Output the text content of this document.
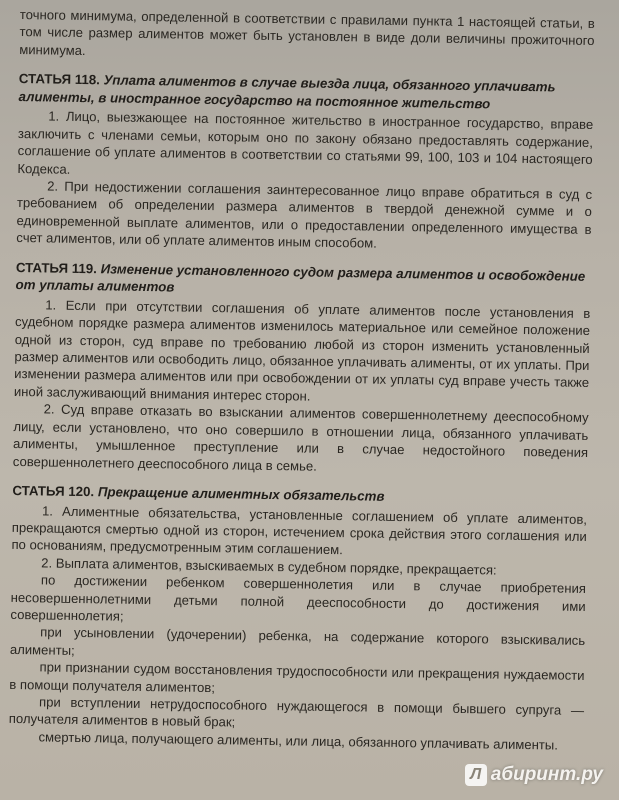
точного минимума, определенной в соответствии с правилами пункта 1 настоящей статьи, в том числе размер алиментов может быть установлен в виде доли величины прожиточного минимума.

СТАТЬЯ 118. Уплата алиментов в случае выезда лица, обязанного уплачивать алименты, в иностранное государство на постоянное жительство

1. Лицо, выезжающее на постоянное жительство в иностранное государство, вправе заключить с членами семьи, которым оно по закону обязано предоставлять содержание, соглашение об уплате алиментов в соответствии со статьями 99, 100, 103 и 104 настоящего Кодекса.

2. При недостижении соглашения заинтересованное лицо вправе обратиться в суд с требованием об определении размера алиментов в твердой денежной сумме и о единовременной выплате алиментов, или о предоставлении определенного имущества в счет алиментов, или об уплате алиментов иным способом.

СТАТЬЯ 119. Изменение установленного судом размера алиментов и освобождение от уплаты алиментов

1. Если при отсутствии соглашения об уплате алиментов после установления в судебном порядке размера алиментов изменилось материальное или семейное положение одной из сторон, суд вправе по требованию любой из сторон изменить установленный размер алиментов или освободить лицо, обязанное уплачивать алименты, от их уплаты. При изменении размера алиментов или при освобождении от их уплаты суд вправе учесть также иной заслуживающий внимания интерес сторон.

2. Суд вправе отказать во взыскании алиментов совершеннолетнему дееспособному лицу, если установлено, что оно совершило в отношении лица, обязанного уплачивать алименты, умышленное преступление или в случае недостойного поведения совершеннолетнего дееспособного лица в семье.

СТАТЬЯ 120. Прекращение алиментных обязательств

1. Алиментные обязательства, установленные соглашением об уплате алиментов, прекращаются смертью одной из сторон, истечением срока действия этого соглашения или по основаниям, предусмотренным этим соглашением.

2. Выплата алиментов, взыскиваемых в судебном порядке, прекращается:

по достижении ребенком совершеннолетия или в случае приобретения несовершеннолетними детьми полной дееспособности до достижения ими совершеннолетия;

при усыновлении (удочерении) ребенка, на содержание которого взыскивались алименты;

при признании судом восстановления трудоспособности или прекращения нуждаемости в помощи получателя алиментов;

при вступлении нетрудоспособного нуждающегося в помощи бывшего супруга — получателя алиментов в новый брак;

смертью лица, получающего алименты, или лица, обязанного уплачивать алименты.

Л абиринт.ру
